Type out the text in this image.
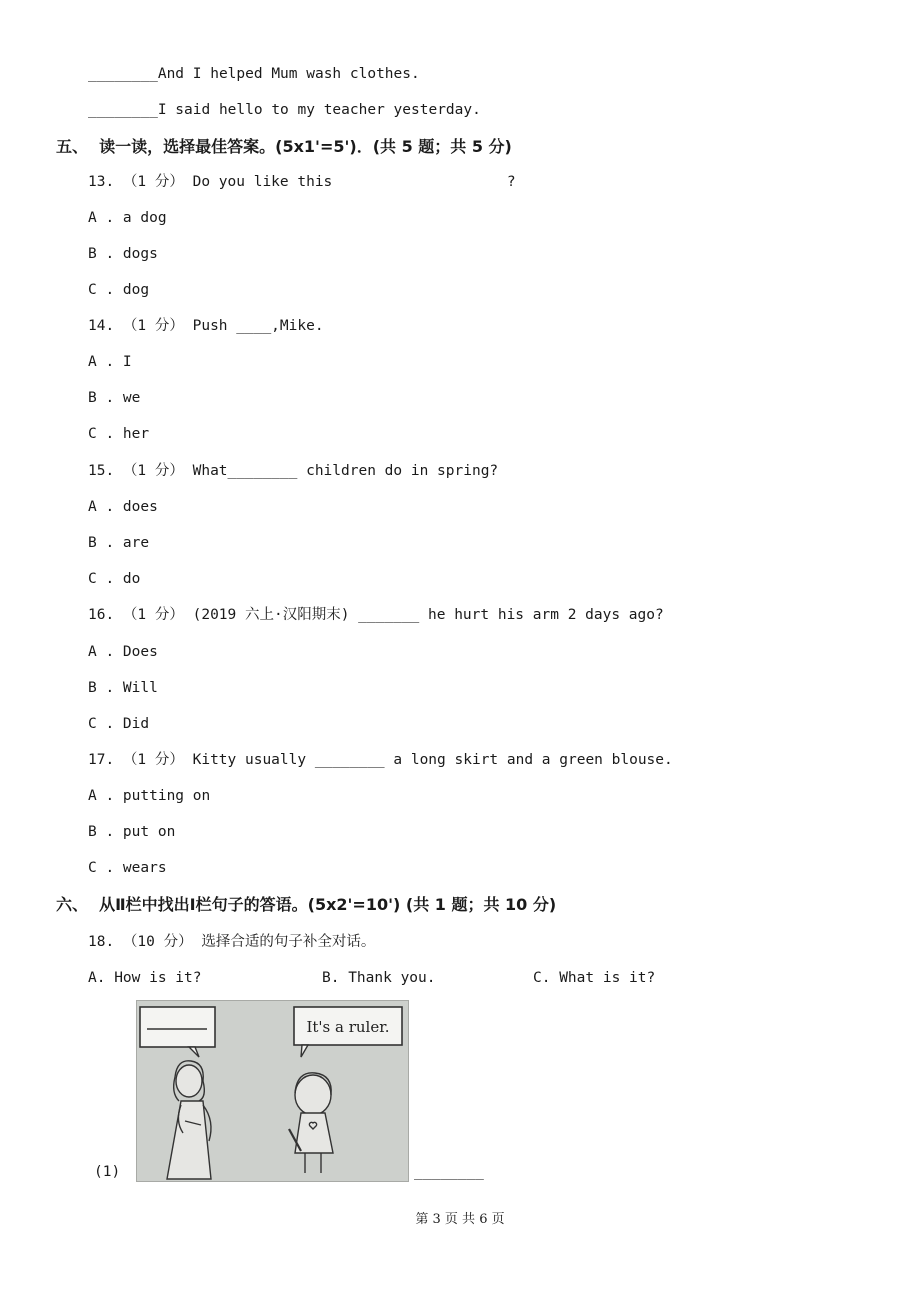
________And I helped Mum wash clothes.
________I said hello to my teacher yesterday.
五、  读一读，选择最佳答案。(5x1'=5')．(共 5 题；共 5 分)
13. （1 分） Do you like this                    ?
A . a dog
B . dogs
C . dog
14. （1 分） Push ____,Mike.
A . I
B . we
C . her
15. （1 分） What________ children do in spring?
A . does
B . are
C . do
16. （1 分） (2019 六上·汉阳期末) _______ he hurt his arm 2 days ago?
A . Does
B . Will
C . Did
17. （1 分） Kitty usually ________ a long skirt and a green blouse.
A . putting on
B . put on
C . wears
六、  从Ⅱ栏中找出Ⅰ栏句子的答语。(5x2'=10') (共 1 题；共 10 分)
18. （10 分） 选择合适的句子补全对话。
A. How is it?	B. Thank you.	C. What is it?
It's a ruler.
(1)	________
第 3 页 共 6 页
